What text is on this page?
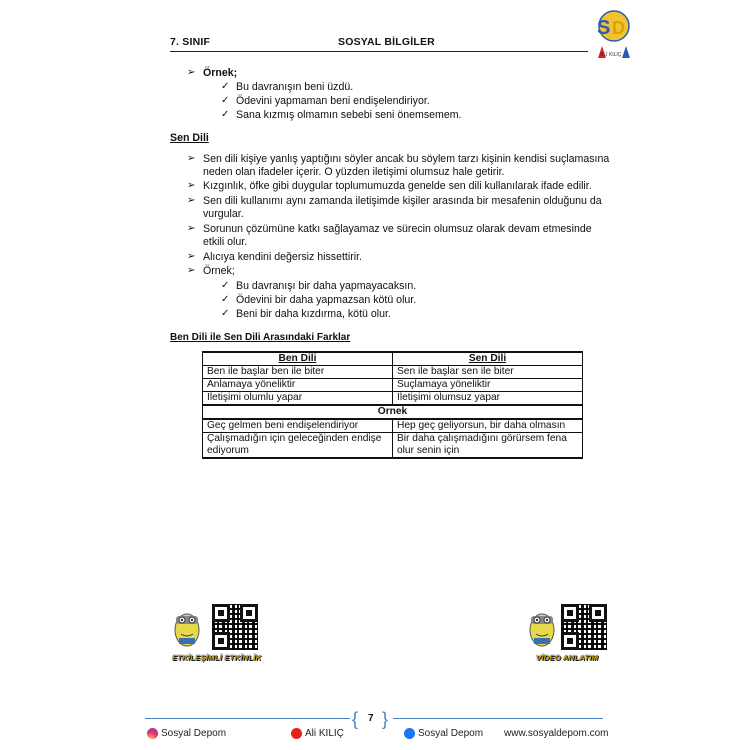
7. SINIF	SOSYAL BİLGİLER
S D
ALİ KILIÇ
➢ Örnek;
✓ Bu davranışın beni üzdü.
✓ Ödevini yapmaman beni endişelendiriyor.
✓ Sana kızmış olmamın sebebi seni önemsemem.
Sen Dili
➢ Sen dili kişiye yanlış yaptığını söyler ancak bu söylem tarzı kişinin kendisi suçlamasına
neden olan ifadeler içerir. O yüzden iletişimi olumsuz hale getirir.
➢ Kızgınlık, öfke gibi duygular toplumumuzda genelde sen dili kullanılarak ifade edilir.
➢ Sen dili kullanımı aynı zamanda iletişimde kişiler arasında bir mesafenin olduğunu da
vurgular.
➢ Sorunun çözümüne katkı sağlayamaz ve sürecin olumsuz olarak devam etmesinde
etkili olur.
➢ Alıcıya kendini değersiz hissettirir.
➢ Örnek;
✓ Bu davranışı bir daha yapmayacaksın.
✓ Ödevini bir daha yapmazsan kötü olur.
✓ Beni bir daha kızdırma, kötü olur.
Ben Dili ile Sen Dili Arasındaki Farklar
Ben Dili	Sen Dili
Ben ile başlar ben ile biter	Sen ile başlar sen ile biter
Anlamaya yöneliktir	Suçlamaya yöneliktir
İletişimi olumlu yapar	İletişimi olumsuz yapar
Örnek	
Geç gelmen beni endişelendiriyor	Hep geç geliyorsun, bir daha olmasın
Çalışmadığın için geleceğinden endişe ediyorum	Bir daha çalışmadığını görürsem fena olur senin için
ETKİLEŞİMLİ ETKİNLİK	VİDEO ANLATIM
{ 7 }
Sosyal Depom	Ali KILIÇ	Sosyal Depom www.sosyaldepom.com
